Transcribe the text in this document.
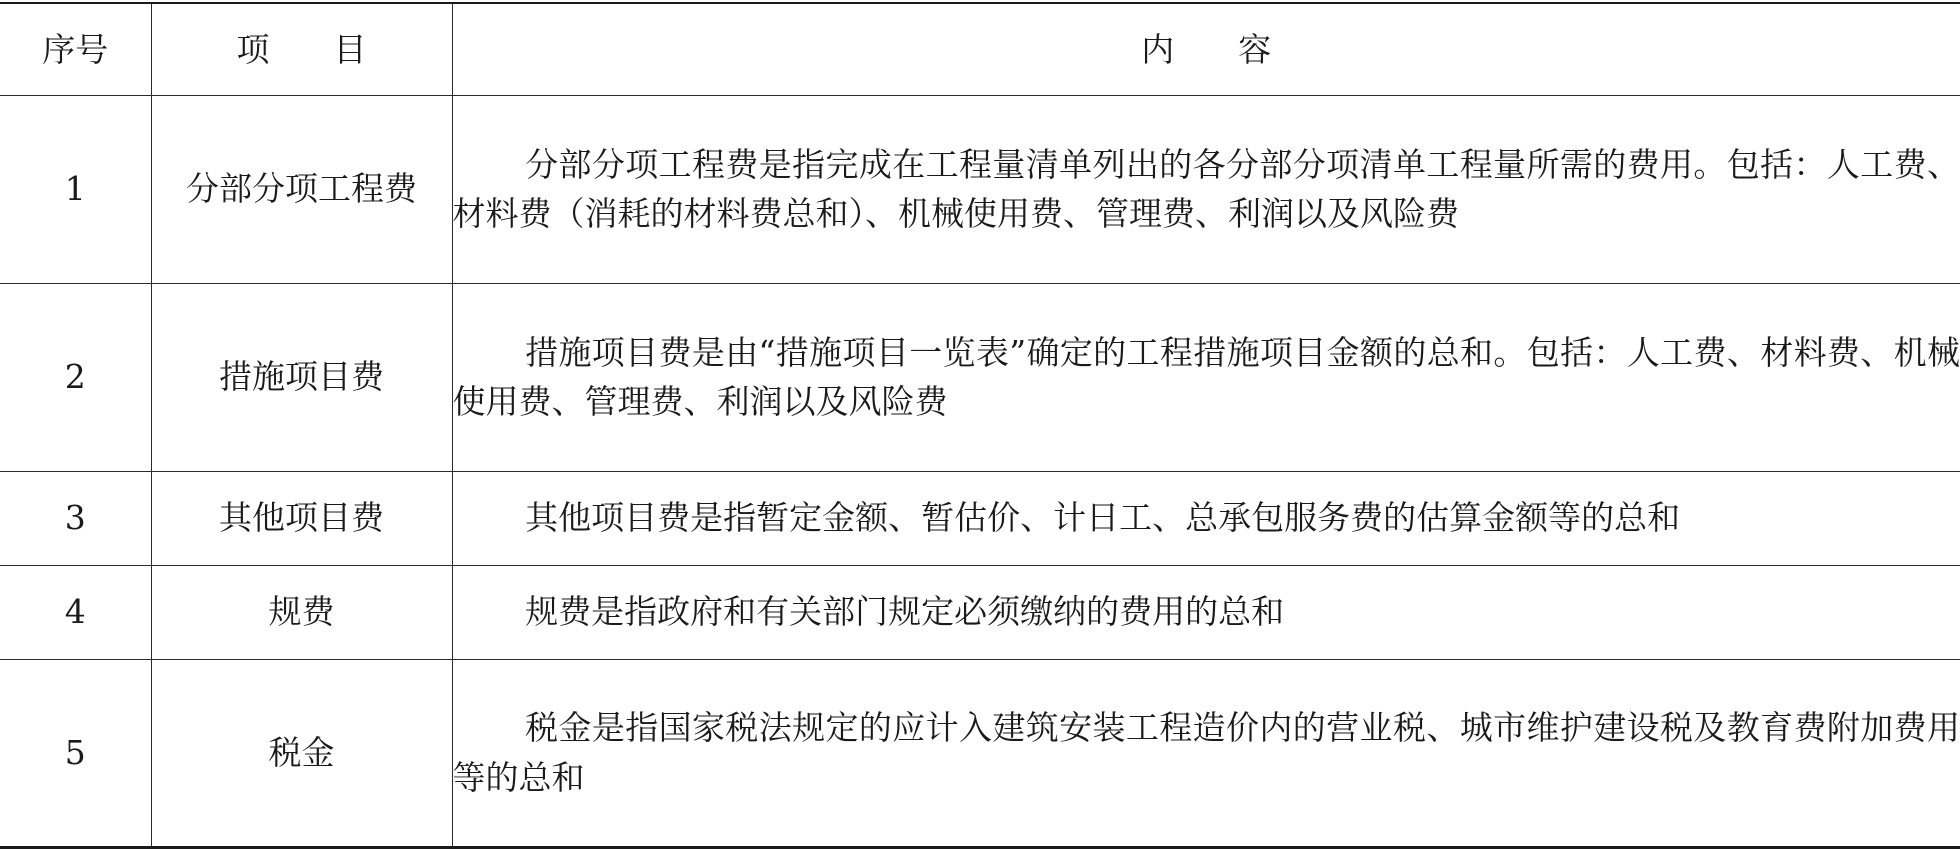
序号	项 目	内 容
1	分部分项工程费	分部分项工程费是指完成在工程量清单列出的各分部分项清单工程量所需的费用。包括：人工费、材料费（消耗的材料费总和）、机械使用费、管理费、利润以及风险费

2	措施项目费	措施项目费是由“措施项目一览表”确定的工程措施项目金额的总和。包括：人工费、材料费、机械使用费、管理费、利润以及风险费

3	其他项目费	其他项目费是指暂定金额、暂估价、计日工、总承包服务费的估算金额等的总和

4	规费	规费是指政府和有关部门规定必须缴纳的费用的总和

5	税金	税金是指国家税法规定的应计入建筑安装工程造价内的营业税、城市维护建设税及教育费附加费用等的总和
